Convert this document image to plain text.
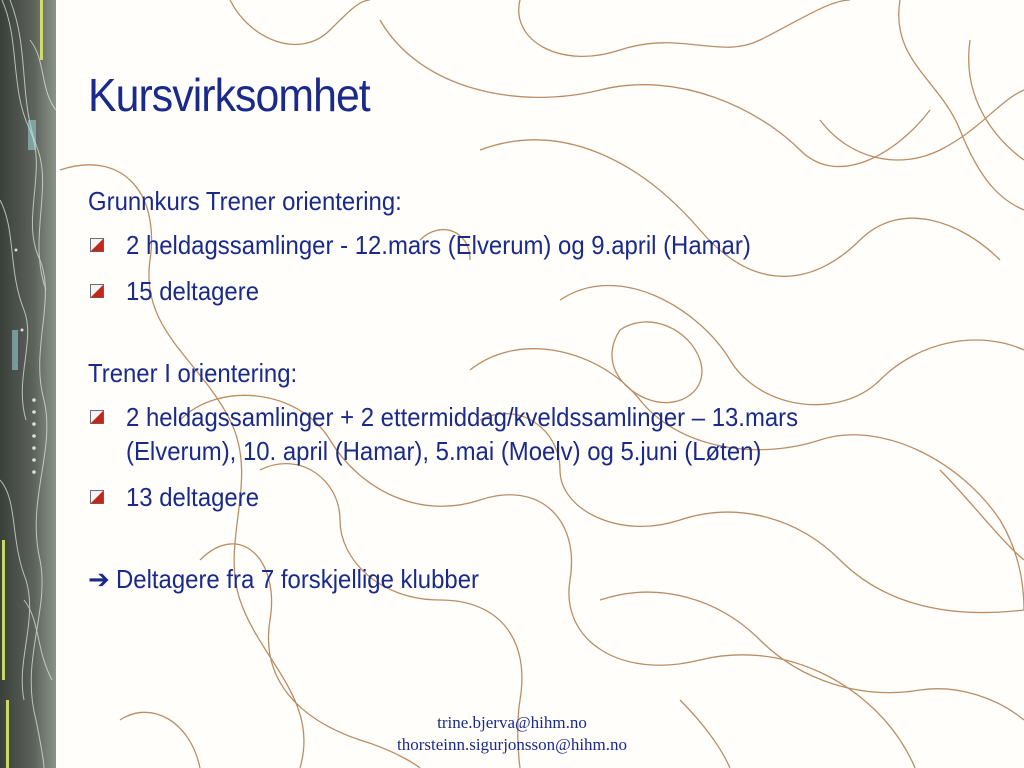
Kursvirksomhet
Grunnkurs Trener orientering:
2 heldagssamlinger - 12.mars (Elverum) og 9.april (Hamar)
15 deltagere
Trener I orientering:
2 heldagssamlinger + 2 ettermiddag/kveldssamlinger – 13.mars
(Elverum), 10. april (Hamar), 5.mai (Moelv) og 5.juni (Løten)
13 deltagere
➔ Deltagere fra 7 forskjellige klubber
trine.bjerva@hihm.no
thorsteinn.sigurjonsson@hihm.no
